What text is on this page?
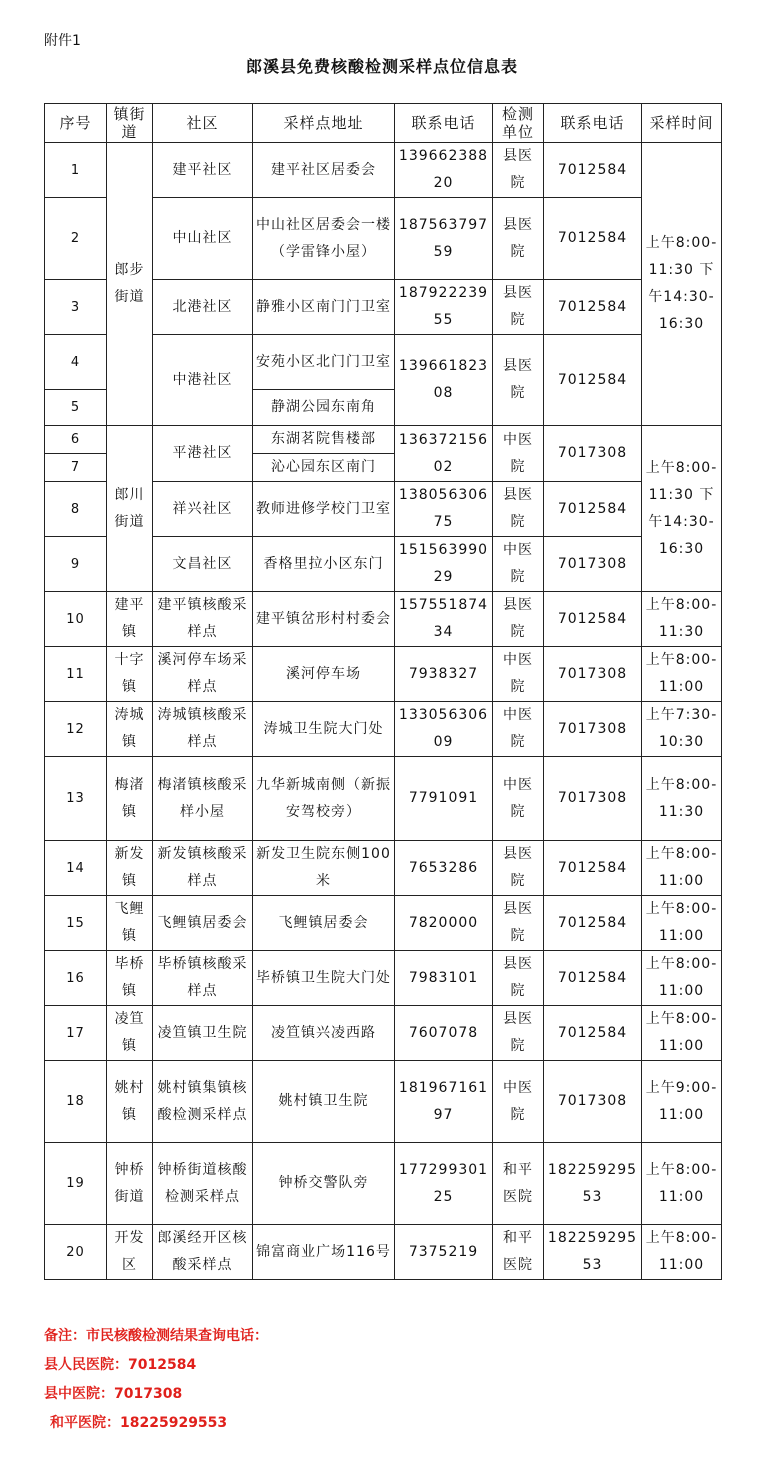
附件1
郎溪县免费核酸检测采样点位信息表
序号	镇街道	社区	采样点地址	联系电话	检测单位	联系电话	采样时间
1	郎步街道	建平社区	建平社区居委会	13966238820	县医院	7012584	上午8:00-11:30 下午14:30-16:30
2		中山社区	中山社区居委会一楼（学雷锋小屋）	18756379759	县医院	7012584	
3		北港社区	静雅小区南门门卫室	18792223955	县医院	7012584	
4		中港社区	安苑小区北门门卫室	13966182308	县医院	7012584	
5			静湖公园东南角				
6	郎川街道	平港社区	东湖茗院售楼部	13637215602	中医院	7017308	上午8:00-11:30 下午14:30-16:30
7			沁心园东区南门				
8		祥兴社区	教师进修学校门卫室	13805630675	县医院	7012584	
9		文昌社区	香格里拉小区东门	15156399029	中医院	7017308	
10	建平镇	建平镇核酸采样点	建平镇岔形村村委会	15755187434	县医院	7012584	上午8:00-11:30
11	十字镇	溪河停车场采样点	溪河停车场	7938327	中医院	7017308	上午8:00-11:00
12	涛城镇	涛城镇核酸采样点	涛城卫生院大门处	13305630609	中医院	7017308	上午7:30-10:30
13	梅渚镇	梅渚镇核酸采样小屋	九华新城南侧（新振安驾校旁）	7791091	中医院	7017308	上午8:00-11:30
14	新发镇	新发镇核酸采样点	新发卫生院东侧100米	7653286	县医院	7012584	上午8:00-11:00
15	飞鲤镇	飞鲤镇居委会	飞鲤镇居委会	7820000	县医院	7012584	上午8:00-11:00
16	毕桥镇	毕桥镇核酸采样点	毕桥镇卫生院大门处	7983101	县医院	7012584	上午8:00-11:00
17	凌笪镇	凌笪镇卫生院	凌笪镇兴凌西路	7607078	县医院	7012584	上午8:00-11:00
18	姚村镇	姚村镇集镇核酸检测采样点	姚村镇卫生院	18196716197	中医院	7017308	上午9:00-11:00
19	钟桥街道	钟桥街道核酸检测采样点	钟桥交警队旁	17729930125	和平医院	18225929553	上午8:00-11:00
20	开发区	郎溪经开区核酸采样点	锦富商业广场116号	7375219	和平医院	18225929553	上午8:00-11:00
备注：市民核酸检测结果查询电话：
县人民医院：7012584
县中医院：7017308
和平医院：18225929553
